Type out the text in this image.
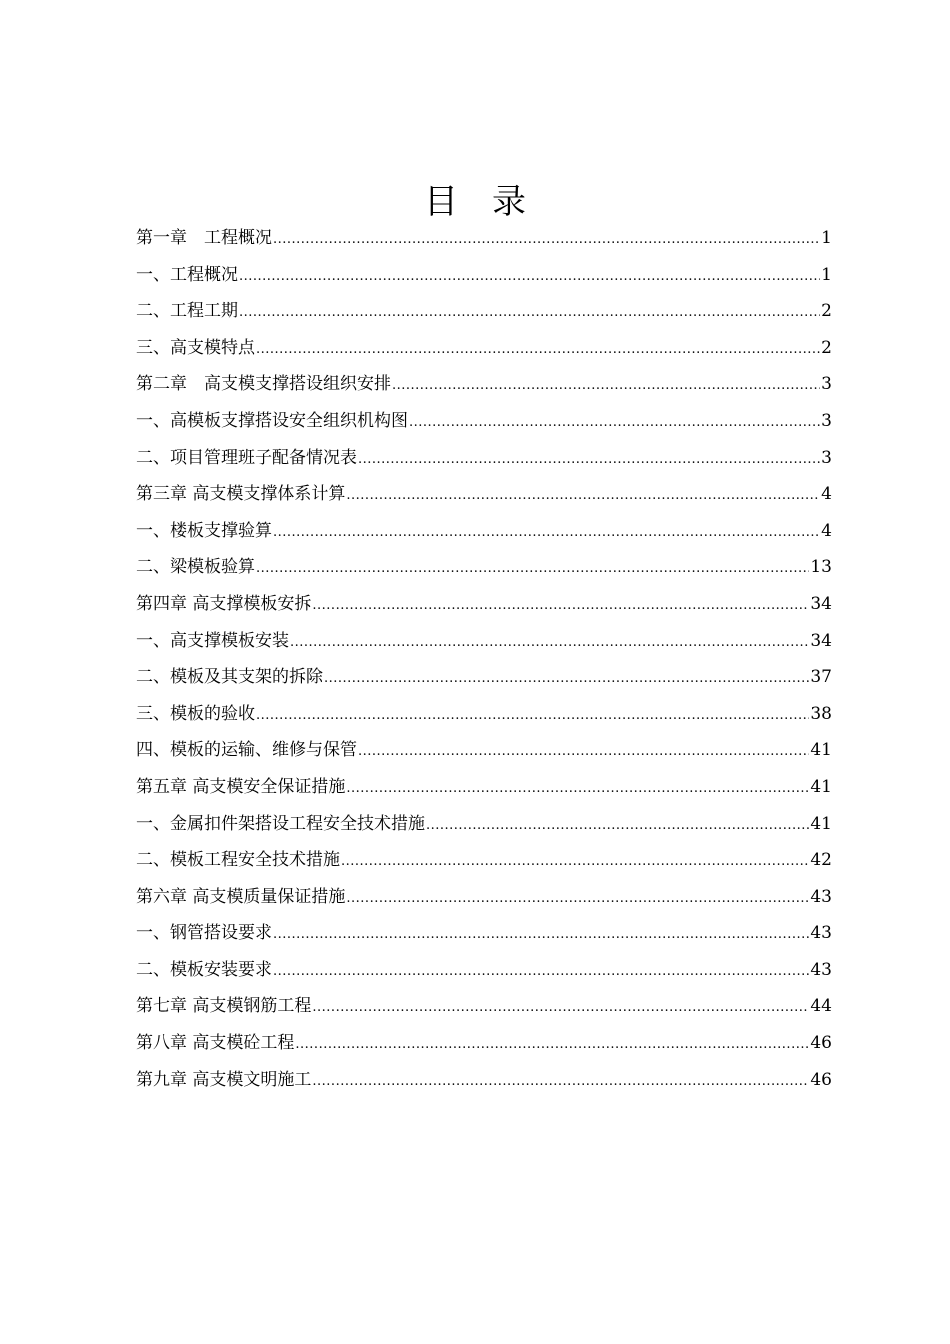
目　录
第一章　工程概况 .....	1
一、工程概况 .....	1
二、工程工期 .....	2
三、高支模特点 .....	2
第二章　高支模支撑搭设组织安排 .....	3
一、高模板支撑搭设安全组织机构图 .....	3
二、项目管理班子配备情况表 .....	3
第三章 高支模支撑体系计算 .....	4
一、楼板支撑验算 .....	4
二、梁模板验算 .....	13
第四章 高支撑模板安拆 .....	34
一、高支撑模板安装 .....	34
二、模板及其支架的拆除 .....	37
三、模板的验收 .....	38
四、模板的运输、维修与保管 .....	41
第五章 高支模安全保证措施 .....	41
一、金属扣件架搭设工程安全技术措施 .....	41
二、模板工程安全技术措施 .....	42
第六章 高支模质量保证措施 .....	43
一、钢管搭设要求 .....	43
二、模板安装要求 .....	43
第七章 高支模钢筋工程 .....	44
第八章 高支模砼工程 .....	46
第九章 高支模文明施工 .....	46
